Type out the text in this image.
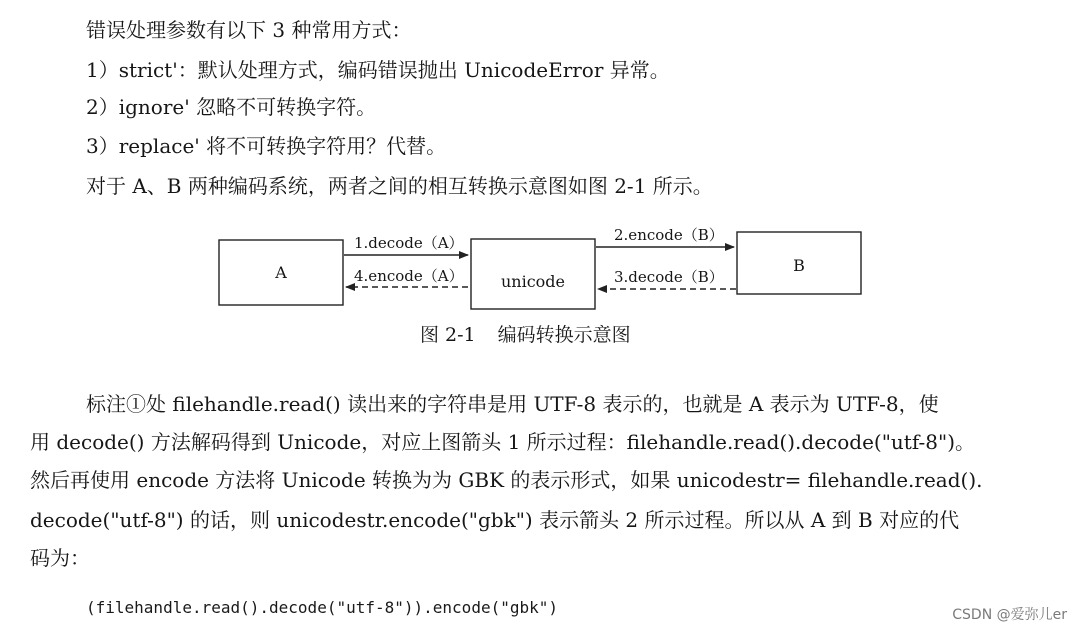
错误处理参数有以下 3 种常用方式：

1）strict'：默认处理方式，编码错误抛出 UnicodeError 异常。

2）ignore' 忽略不可转换字符。

3）replace' 将不可转换字符用？代替。

对于 A、B 两种编码系统，两者之间的相互转换示意图如图 2-1 所示。

A	unicode
B
1.decode（A）
4.encode（A）
2.encode（B）
3.decode（B）
图 2-1 编码转换示意图

标注①处 filehandle.read() 读出来的字符串是用 UTF-8 表示的，也就是 A 表示为 UTF-8，使

用 decode() 方法解码得到 Unicode，对应上图箭头 1 所示过程：filehandle.read().decode("utf-8")。

然后再使用 encode 方法将 Unicode 转换为为 GBK 的表示形式，如果 unicodestr= filehandle.read().

decode("utf-8") 的话，则 unicodestr.encode("gbk") 表示箭头 2 所示过程。所以从 A 到 B 对应的代

码为：

(filehandle.read().decode("utf-8")).encode("gbk")	CSDN @爱弥儿er
